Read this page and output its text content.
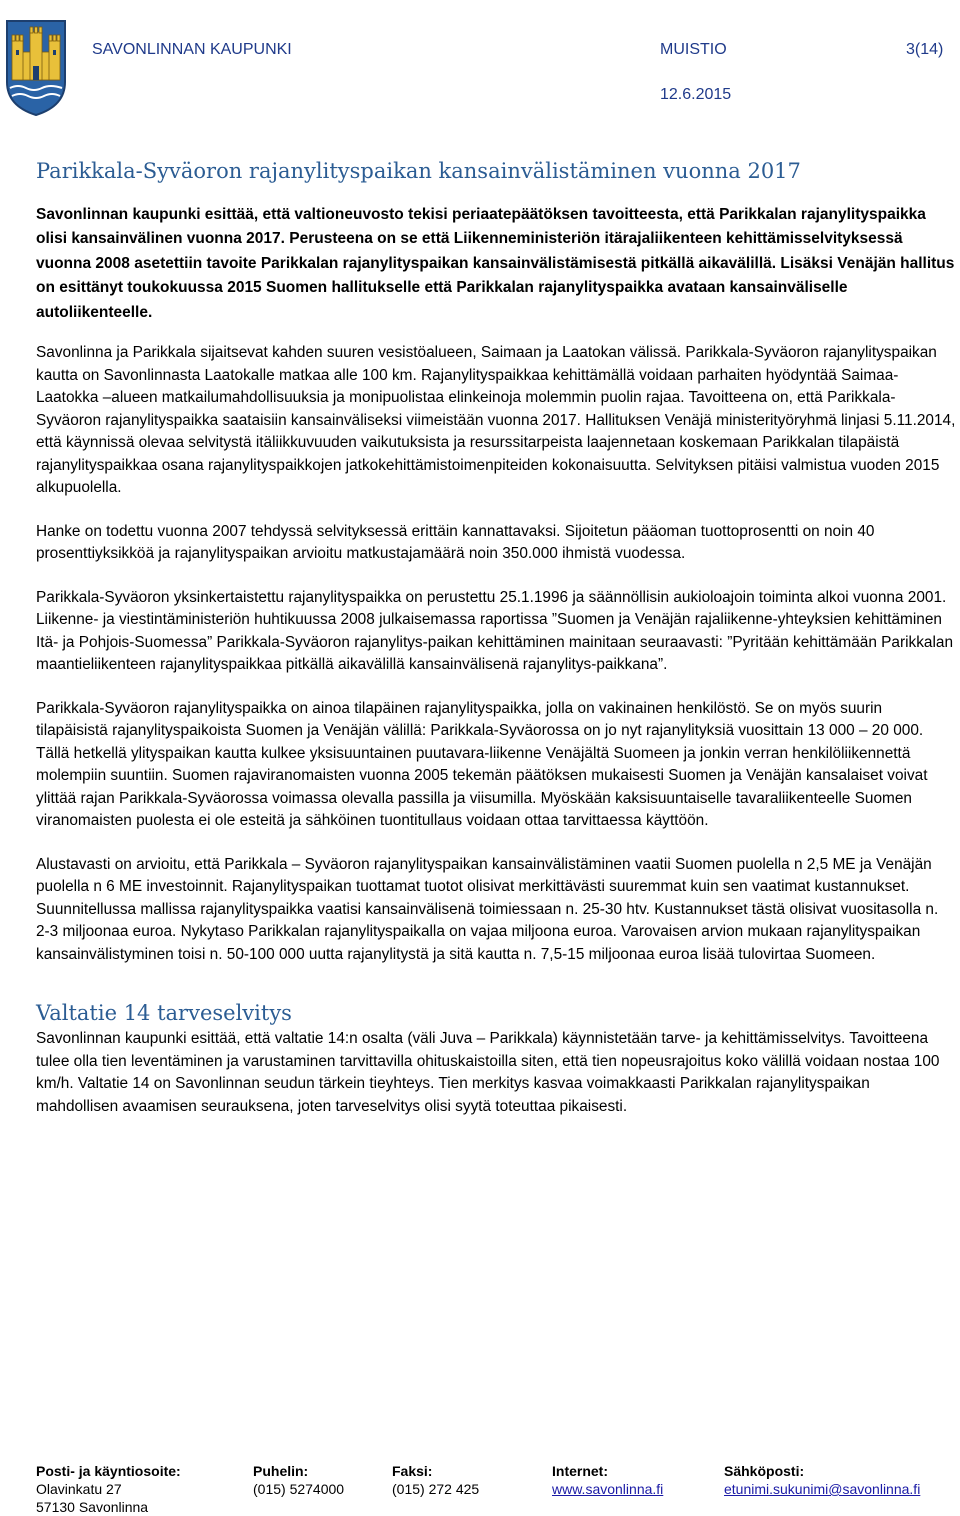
SAVONLINNAN KAUPUNKI	MUISTIO	3(14)
12.6.2015
Parikkala-Syväoron rajanylityspaikan kansainvälistäminen vuonna 2017

Savonlinnan kaupunki esittää, että valtioneuvosto tekisi periaatepäätöksen tavoitteesta, että Parikkalan rajanylityspaikka olisi kansainvälinen vuonna 2017. Perusteena on se että Liikenneministeriön itärajaliikenteen kehittämisselvityksessä vuonna 2008 asetettiin tavoite Parikkalan rajanylityspaikan kansainvälistämisestä pitkällä aikavälillä. Lisäksi Venäjän hallitus on esittänyt toukokuussa 2015 Suomen hallitukselle että Parikkalan rajanylityspaikka avataan kansainväliselle autoliikenteelle.

Savonlinna ja Parikkala sijaitsevat kahden suuren vesistöalueen, Saimaan ja Laatokan välissä. Parikkala-Syväoron rajanylityspaikan kautta on Savonlinnasta Laatokalle matkaa alle 100 km. Rajanylityspaikkaa kehittämällä voidaan parhaiten hyödyntää Saimaa-Laatokka –alueen matkailumahdollisuuksia ja monipuolistaa elinkeinoja molemmin puolin rajaa. Tavoitteena on, että Parikkala-Syväoron rajanylityspaikka saataisiin kansainväliseksi viimeistään vuonna 2017. Hallituksen Venäjä ministerityöryhmä linjasi 5.11.2014, että käynnissä olevaa selvitystä itäliikkuvuuden vaikutuksista ja resurssitarpeista laajennetaan koskemaan Parikkalan tilapäistä rajanylityspaikkaa osana rajanylityspaikkojen jatkokehittämistoimenpiteiden kokonaisuutta. Selvityksen pitäisi valmistua vuoden 2015 alkupuolella.

Hanke on todettu vuonna 2007 tehdyssä selvityksessä erittäin kannattavaksi. Sijoitetun pääoman tuottoprosentti on noin 40 prosenttiyksikköä ja rajanylityspaikan arvioitu matkustajamäärä noin 350.000 ihmistä vuodessa.

Parikkala-Syväoron yksinkertaistettu rajanylityspaikka on perustettu 25.1.1996 ja säännöllisin aukioloajoin toiminta alkoi vuonna 2001. Liikenne- ja viestintäministeriön huhtikuussa 2008 julkaisemassa raportissa ”Suomen ja Venäjän rajaliikenne-yhteyksien kehittäminen Itä- ja Pohjois-Suomessa” Parikkala-Syväoron rajanylitys-paikan kehittäminen mainitaan seuraavasti: ”Pyritään kehittämään Parikkalan maantieliikenteen rajanylityspaikkaa pitkällä aikavälillä kansainvälisenä rajanylitys-paikkana”.

Parikkala-Syväoron rajanylityspaikka on ainoa tilapäinen rajanylityspaikka, jolla on vakinainen henkilöstö. Se on myös suurin tilapäisistä rajanylityspaikoista Suomen ja Venäjän välillä: Parikkala-Syväorossa on jo nyt rajanylityksiä vuosittain 13 000 – 20 000. Tällä hetkellä ylityspaikan kautta kulkee yksisuuntainen puutavara-liikenne Venäjältä Suomeen ja jonkin verran henkilöliikennettä molempiin suuntiin. Suomen rajaviranomaisten vuonna 2005 tekemän päätöksen mukaisesti Suomen ja Venäjän kansalaiset voivat ylittää rajan Parikkala-Syväorossa voimassa olevalla passilla ja viisumilla. Myöskään kaksisuuntaiselle tavaraliikenteelle Suomen viranomaisten puolesta ei ole esteitä ja sähköinen tuontitullaus voidaan ottaa tarvittaessa käyttöön.

Alustavasti on arvioitu, että Parikkala – Syväoron rajanylityspaikan kansainvälistäminen vaatii Suomen puolella n 2,5 ME ja Venäjän puolella n 6 ME investoinnit. Rajanylityspaikan tuottamat tuotot olisivat merkittävästi suuremmat kuin sen vaatimat kustannukset. Suunnitellussa mallissa rajanylityspaikka vaatisi kansainvälisenä toimiessaan n. 25-30 htv. Kustannukset tästä olisivat vuositasolla n. 2-3 miljoonaa euroa. Nykytaso Parikkalan rajanylityspaikalla on vajaa miljoona euroa. Varovaisen arvion mukaan rajanylityspaikan kansainvälistyminen toisi n. 50-100 000 uutta rajanylitystä ja sitä kautta n. 7,5-15 miljoonaa euroa lisää tulovirtaa Suomeen.

Valtatie 14 tarveselvitys

Savonlinnan kaupunki esittää, että valtatie 14:n osalta (väli Juva – Parikkala) käynnistetään tarve- ja kehittämisselvitys. Tavoitteena tulee olla tien leventäminen ja varustaminen tarvittavilla ohituskaistoilla siten, että tien nopeusrajoitus koko välillä voidaan nostaa 100 km/h. Valtatie 14 on Savonlinnan seudun tärkein tieyhteys. Tien merkitys kasvaa voimakkaasti Parikkalan rajanylityspaikan mahdollisen avaamisen seurauksena, joten tarveselvitys olisi syytä toteuttaa pikaisesti.

Posti- ja käyntiosoite:
Olavinkatu 27
57130 Savonlinna
Puhelin:
(015) 5274000
Faksi:
(015) 272 425
Internet:
www.savonlinna.fi
Sähköposti:
etunimi.sukunimi@savonlinna.fi
